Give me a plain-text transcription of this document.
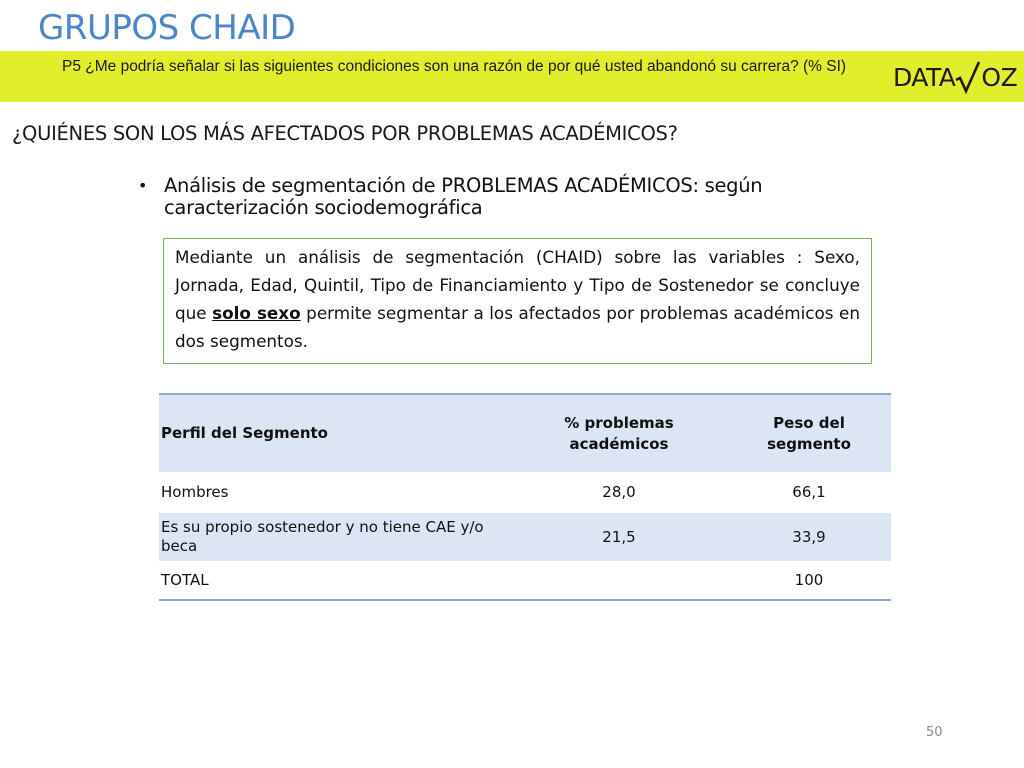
GRUPOS CHAID
P5 ¿Me podría señalar si las siguientes condiciones son una razón de por qué usted abandonó su carrera? (% SI)	DATA OZ
¿QUIÉNES SON LOS MÁS AFECTADOS POR PROBLEMAS ACADÉMICOS?
• Análisis de segmentación de PROBLEMAS ACADÉMICOS: según caracterización sociodemográfica
Mediante un análisis de segmentación (CHAID) sobre las variables : Sexo, Jornada, Edad, Quintil, Tipo de Financiamiento y Tipo de Sostenedor se concluye que solo sexo permite segmentar a los afectados por problemas académicos en dos segmentos.
Perfil del Segmento	% problemas académicos	Peso del segmento
Hombres	28,0	66,1
Es su propio sostenedor y no tiene CAE y/o beca	21,5	33,9
TOTAL		100
50
